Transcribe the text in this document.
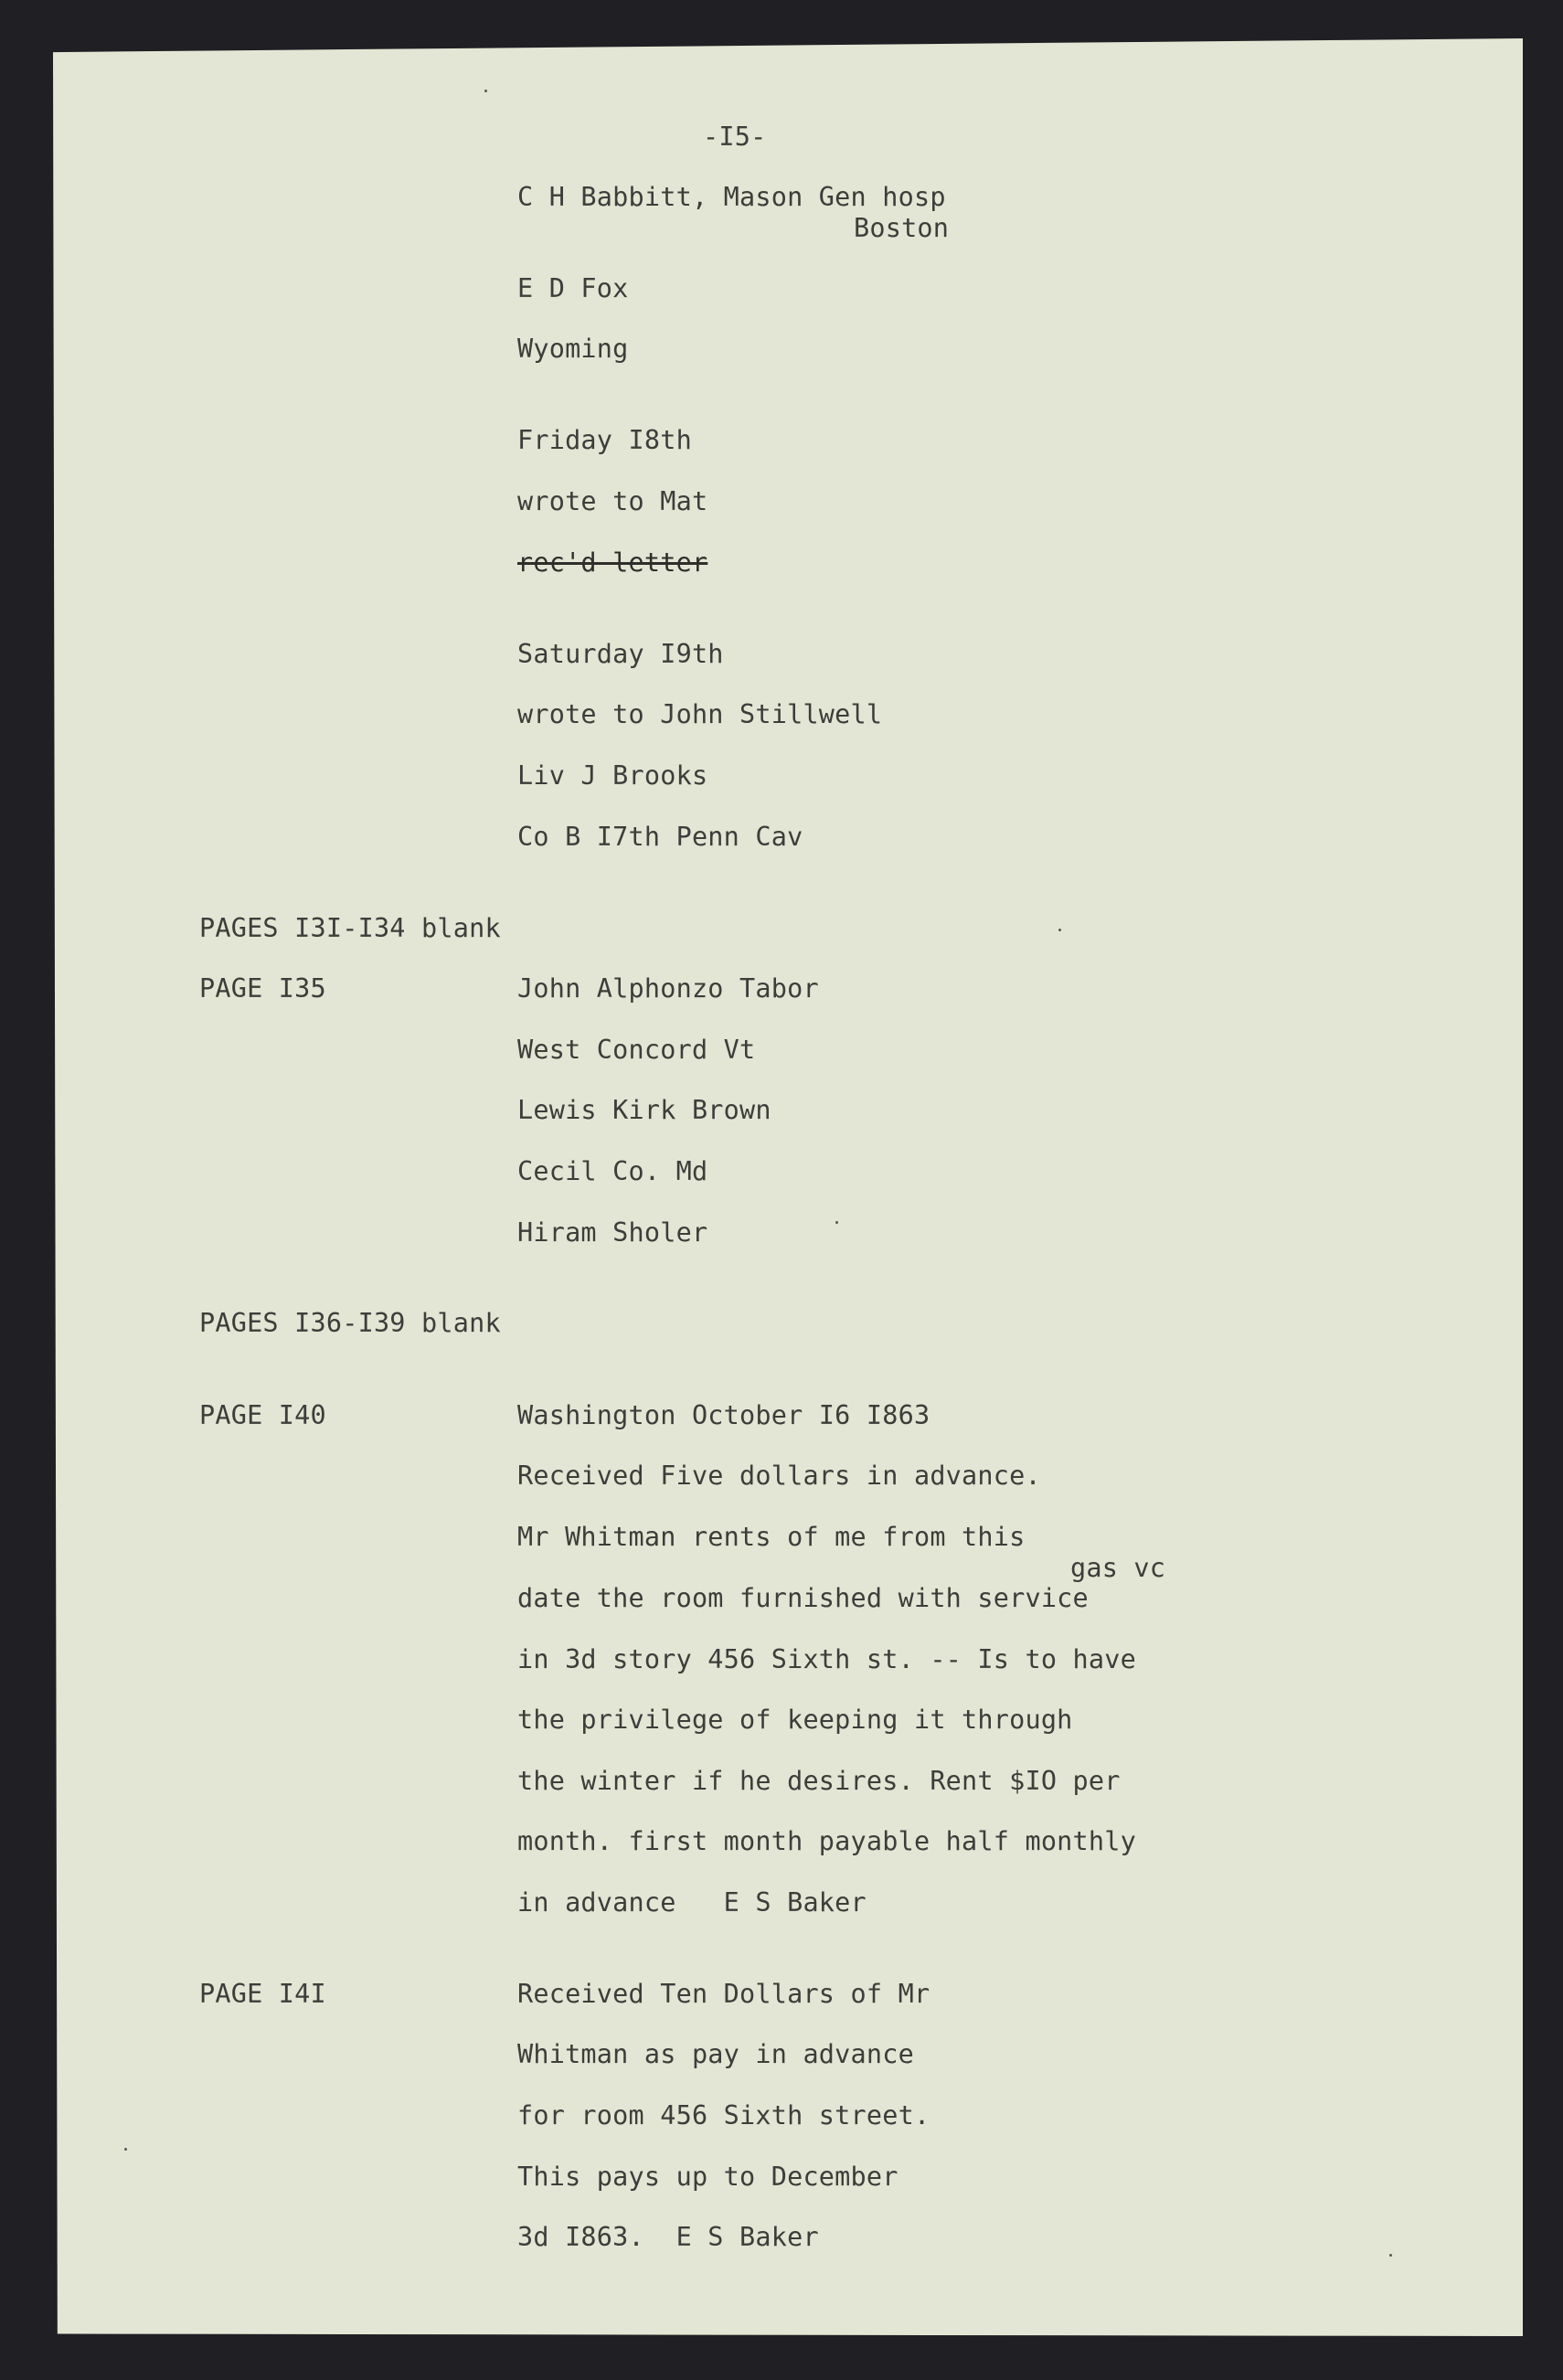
-I5-

C H Babbitt, Mason Gen hosp

Boston

E D Fox

Wyoming

Friday I8th

wrote to Mat

rec'd letter

Saturday I9th

wrote to John Stillwell

Liv J Brooks

Co B I7th Penn Cav

PAGES I3I-I34 blank

PAGE I35	John Alphonzo Tabor

West Concord Vt

Lewis Kirk Brown

Cecil Co. Md

Hiram Sholer

PAGES I36-I39 blank

PAGE I40	Washington October I6 I863

Received Five dollars in advance.

Mr Whitman rents of me from this

gas vc

date the room furnished with service

in 3d story 456 Sixth st. -- Is to have

the privilege of keeping it through

the winter if he desires. Rent $IO per

month. first month payable half monthly

in advance   E S Baker

PAGE I4I	Received Ten Dollars of Mr

Whitman as pay in advance

for room 456 Sixth street.

This pays up to December

3d I863.  E S Baker
